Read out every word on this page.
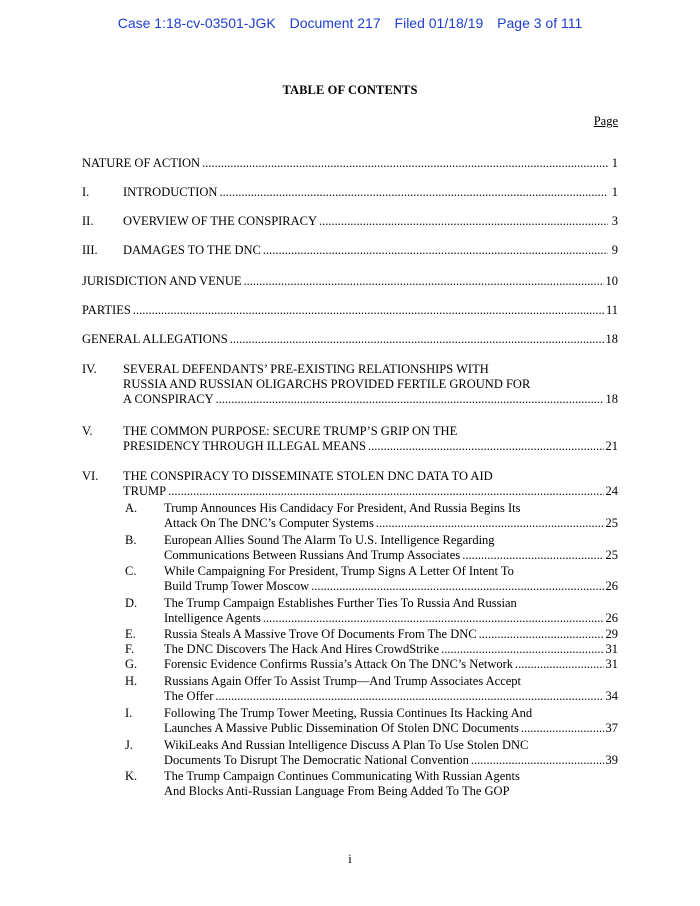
Case 1:18-cv-03501-JGK Document 217 Filed 01/18/19 Page 3 of 111
TABLE OF CONTENTS
Page
NATURE OF ACTION .....	1
I.	INTRODUCTION .....	1
II.	OVERVIEW OF THE CONSPIRACY .....	3
III.	DAMAGES TO THE DNC .....	9
JURISDICTION AND VENUE .....	10
PARTIES .....	11
GENERAL ALLEGATIONS .....	18
IV.	SEVERAL DEFENDANTS’ PRE-EXISTING RELATIONSHIPS WITH
RUSSIA AND RUSSIAN OLIGARCHS PROVIDED FERTILE GROUND FOR
A CONSPIRACY .....	18
V.	THE COMMON PURPOSE: SECURE TRUMP’S GRIP ON THE
PRESIDENCY THROUGH ILLEGAL MEANS .....	21
VI.	THE CONSPIRACY TO DISSEMINATE STOLEN DNC DATA TO AID
TRUMP .....	24
A.	Trump Announces His Candidacy For President, And Russia Begins Its
Attack On The DNC’s Computer Systems .....	25
B.	European Allies Sound The Alarm To U.S. Intelligence Regarding
Communications Between Russians And Trump Associates .....	25
C.	While Campaigning For President, Trump Signs A Letter Of Intent To
Build Trump Tower Moscow .....	26
D.	The Trump Campaign Establishes Further Ties To Russia And Russian
Intelligence Agents .....	26
E.	Russia Steals A Massive Trove Of Documents From The DNC .....	29
F.	The DNC Discovers The Hack And Hires CrowdStrike .....	31
G.	Forensic Evidence Confirms Russia’s Attack On The DNC’s Network .....	31
H.	Russians Again Offer To Assist Trump—And Trump Associates Accept
The Offer .....	34
I.	Following The Trump Tower Meeting, Russia Continues Its Hacking And
Launches A Massive Public Dissemination Of Stolen DNC Documents .....	37
J.	WikiLeaks And Russian Intelligence Discuss A Plan To Use Stolen DNC
Documents To Disrupt The Democratic National Convention .....	39
K.	The Trump Campaign Continues Communicating With Russian Agents
And Blocks Anti-Russian Language From Being Added To The GOP
i
